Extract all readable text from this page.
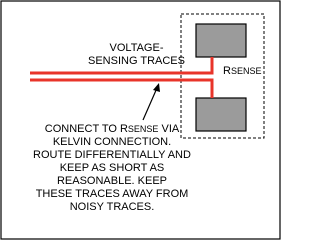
VOLTAGE-
SENSING TRACES
RSENSE
CONNECT TO RSENSE VIA
KELVIN CONNECTION.
ROUTE DIFFERENTIALLY AND
KEEP AS SHORT AS
REASONABLE. KEEP
THESE TRACES AWAY FROM
NOISY TRACES.
